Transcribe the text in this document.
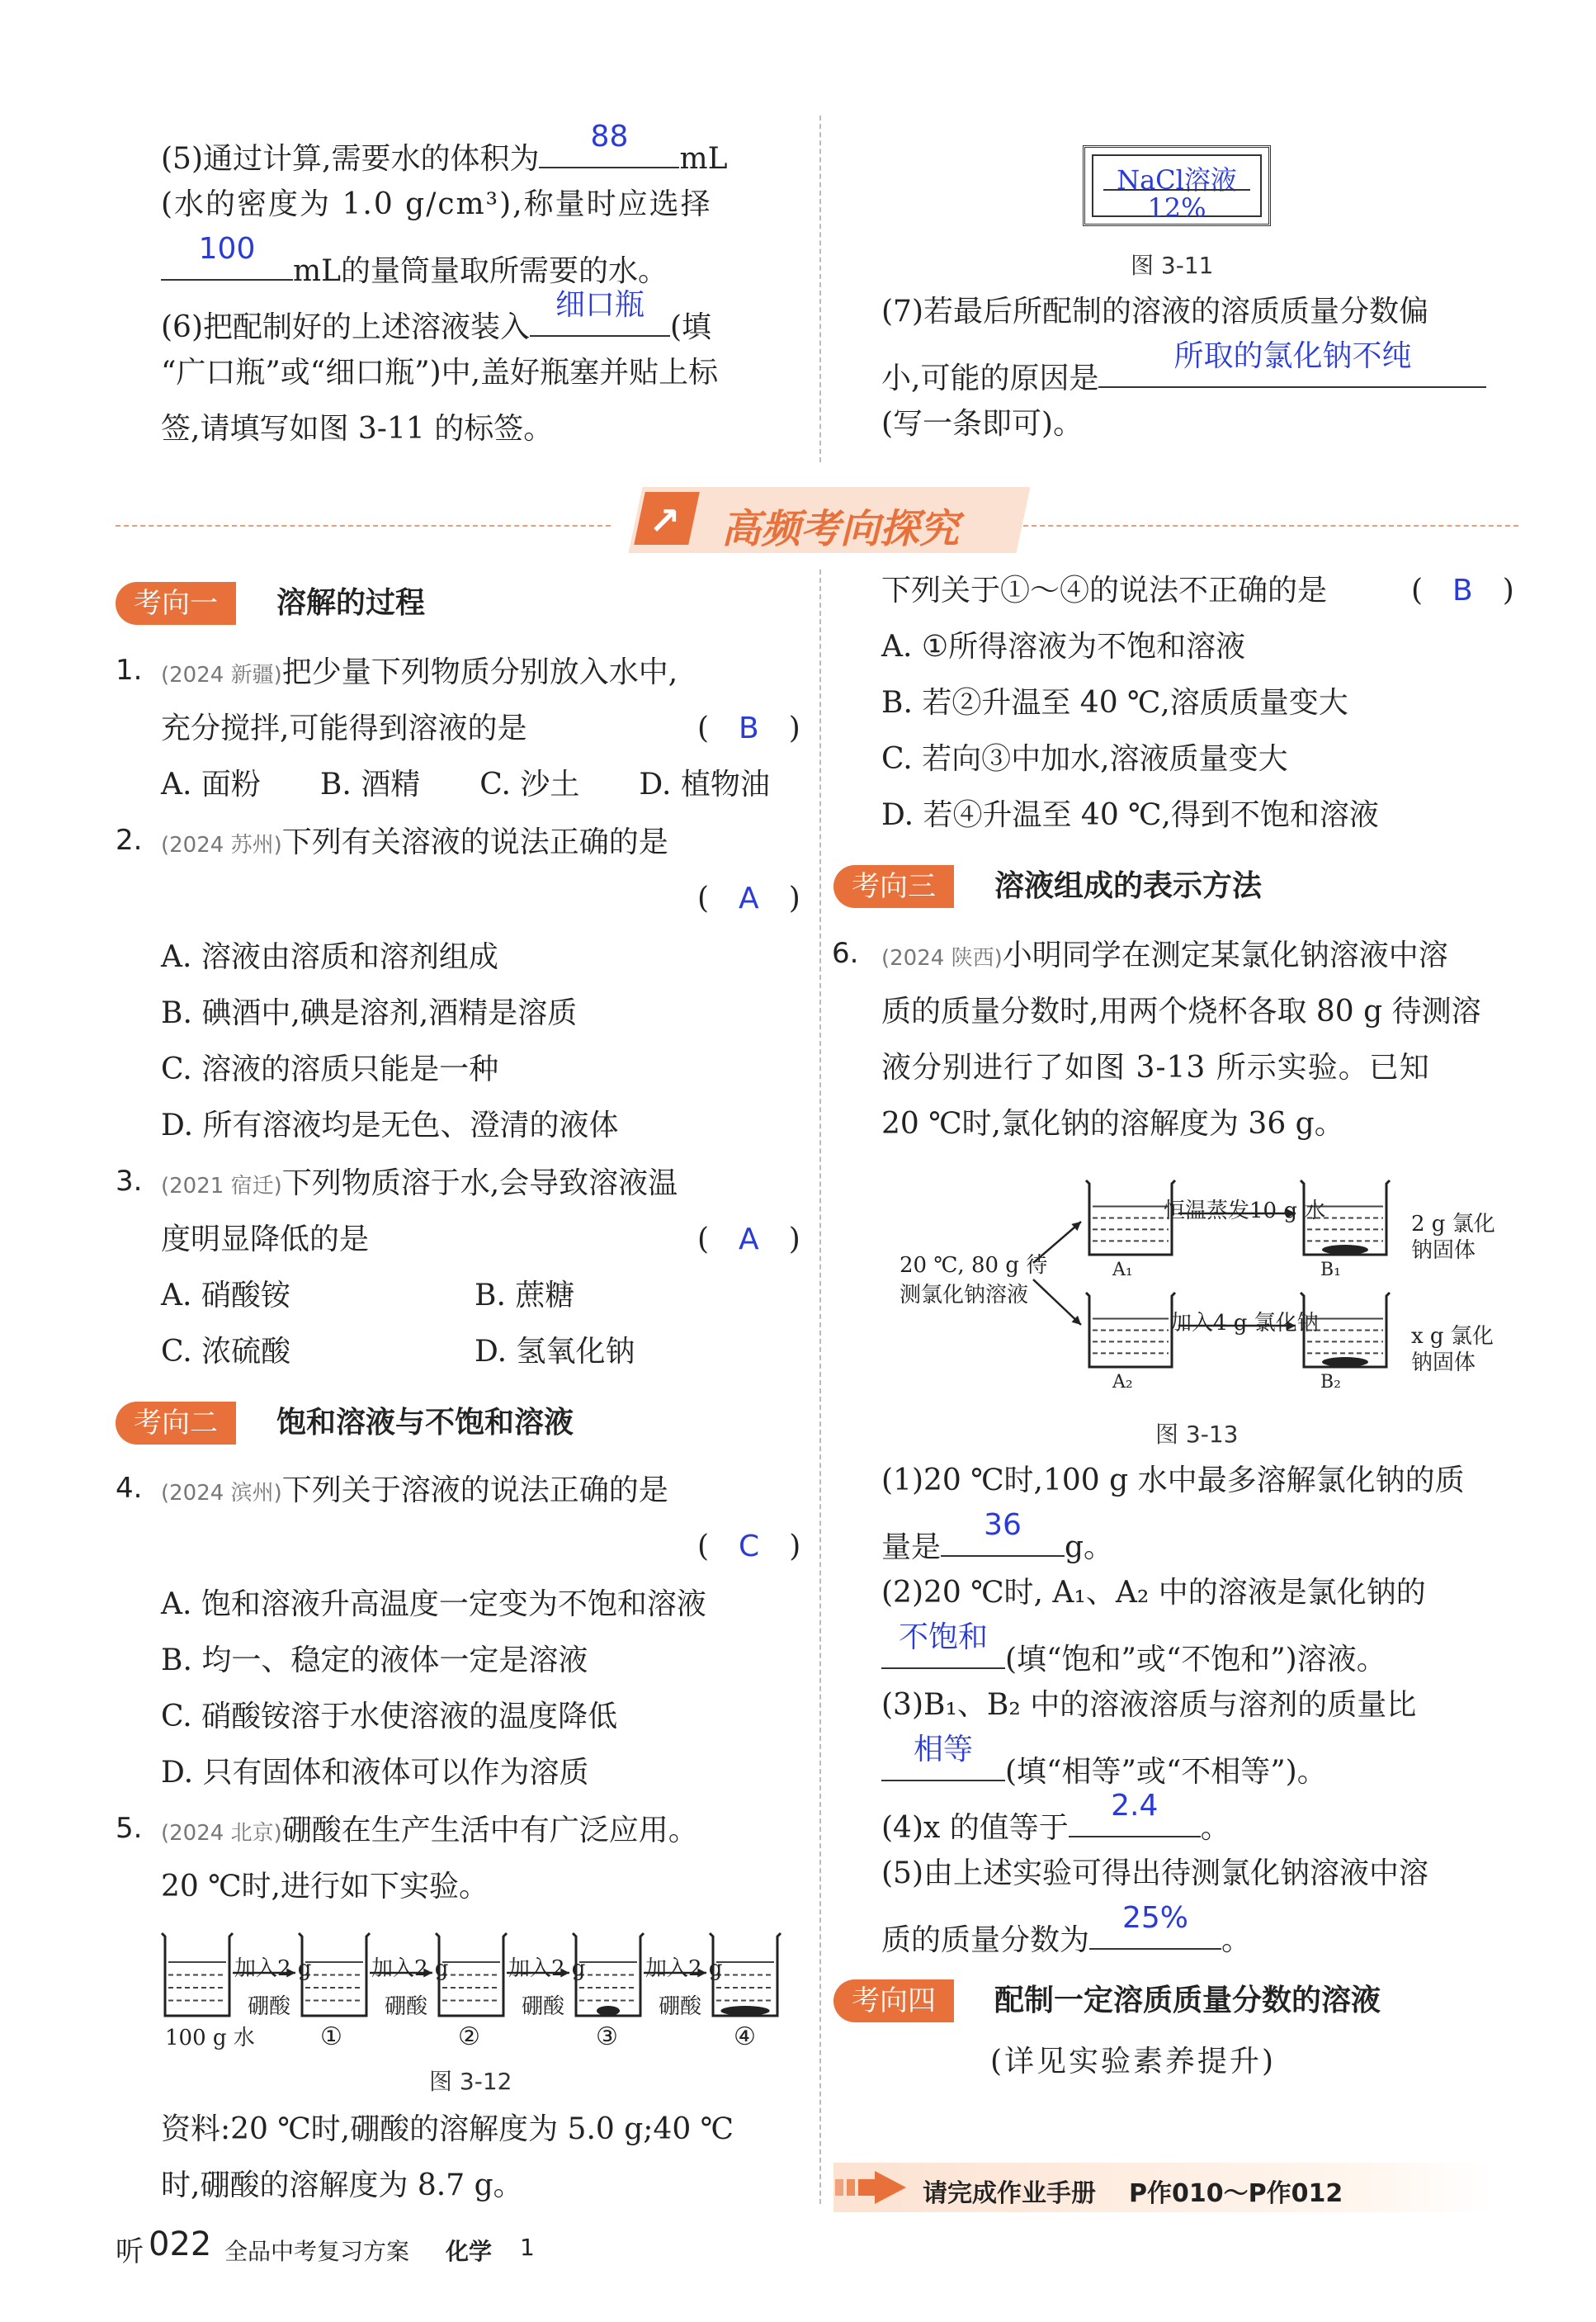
(5)通过计算,需要水的体积为
88
mL
(水的密度为 1.0 g/cm³),称量时应选择
100
mL的量筒量取所需要的水。
(6)把配制好的上述溶液装入
细口瓶
(填
“广口瓶”或“细口瓶”)中,盖好瓶塞并贴上标
签,请填写如图 3-11 的标签。
NaCl溶液
12%
图 3-11
(7)若最后所配制的溶液的溶质质量分数偏
小,可能的原因是
所取的氯化钠不纯
(写一条即可)。
↗ 高频考向探究
考向一	溶解的过程
1. (2024 新疆)把少量下列物质分别放入水中,
充分搅拌,可能得到溶液的是	(　B　)
A. 面粉　　B. 酒精　　C. 沙土　　D. 植物油
2. (2024 苏州)下列有关溶液的说法正确的是
(　A　)
A. 溶液由溶质和溶剂组成
B. 碘酒中,碘是溶剂,酒精是溶质
C. 溶液的溶质只能是一种
D. 所有溶液均是无色、澄清的液体
3. (2021 宿迁)下列物质溶于水,会导致溶液温
度明显降低的是	(　A　)
A. 硝酸铵	B. 蔗糖
C. 浓硫酸	D. 氢氧化钠
考向二	饱和溶液与不饱和溶液
4. (2024 滨州)下列关于溶液的说法正确的是
(　C　)
A. 饱和溶液升高温度一定变为不饱和溶液
B. 均一、稳定的液体一定是溶液
C. 硝酸铵溶于水使溶液的温度降低
D. 只有固体和液体可以作为溶质
5. (2024 北京)硼酸在生产生活中有广泛应用。
20 ℃时,进行如下实验。
图 3-12
100 g 水	①	②	③	④
加入2 g
硼酸
加入2 g
硼酸
加入2 g
硼酸
加入2 g
硼酸
资料:20 ℃时,硼酸的溶解度为 5.0 g;40 ℃
时,硼酸的溶解度为 8.7 g。
下列关于①～④的说法不正确的是	(　B　)
A. ①所得溶液为不饱和溶液
B. 若②升温至 40 ℃,溶质质量变大
C. 若向③中加水,溶液质量变大
D. 若④升温至 40 ℃,得到不饱和溶液
考向三	溶液组成的表示方法
6. (2024 陕西)小明同学在测定某氯化钠溶液中溶
质的质量分数时,用两个烧杯各取 80 g 待测溶
液分别进行了如图 3-13 所示实验。已知
20 ℃时,氯化钠的溶解度为 36 g。
20 ℃, 80 g 待
测氯化钠溶液
恒温蒸发10 g 水
加入4 g 氯化钠
2 g 氯化
钠固体
x g 氯化
钠固体
A₁	B₁
A₂	B₂
图 3-13
(1)20 ℃时,100 g 水中最多溶解氯化钠的质
量是
36
g。
(2)20 ℃时, A₁、A₂ 中的溶液是氯化钠的
不饱和
(填“饱和”或“不饱和”)溶液。
(3)B₁、B₂ 中的溶液溶质与溶剂的质量比
相等
(填“相等”或“不相等”)。
(4)x 的值等于
2.4
。
(5)由上述实验可得出待测氯化钠溶液中溶
质的质量分数为
25%
。
考向四	配制一定溶质质量分数的溶液
(详见实验素养提升)
请完成作业手册 P作010～P作012
听 022 全品中考复习方案 化学 1
